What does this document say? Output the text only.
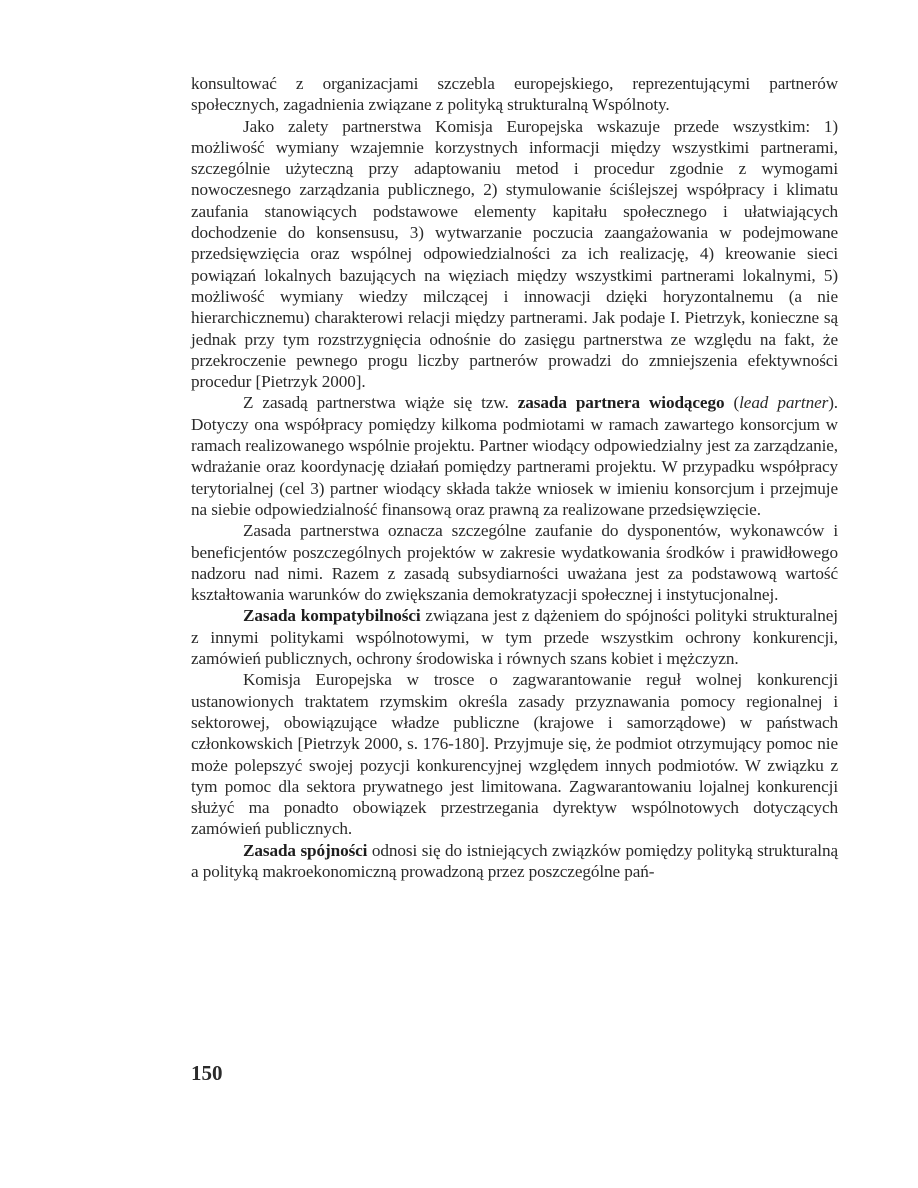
konsultować z organizacjami szczebla europejskiego, reprezentującymi partnerów społecznych, zagadnienia związane z polityką strukturalną Wspólnoty.

Jako zalety partnerstwa Komisja Europejska wskazuje przede wszystkim: 1) możliwość wymiany wzajemnie korzystnych informacji między wszystkimi partnerami, szczególnie użyteczną przy adaptowaniu metod i procedur zgodnie z wymogami nowoczesnego zarządzania publicznego, 2) stymulowanie ściślejszej współpracy i klimatu zaufania stanowiących podstawowe elementy kapitału społecznego i ułatwiających dochodzenie do konsensusu, 3) wytwarzanie poczucia zaangażowania w podejmowane przedsięwzięcia oraz wspólnej odpowiedzialności za ich realizację, 4) kreowanie sieci powiązań lokalnych bazujących na więziach między wszystkimi partnerami lokalnymi, 5) możliwość wymiany wiedzy milczącej i innowacji dzięki horyzontalnemu (a nie hierarchicznemu) charakterowi relacji między partnerami. Jak podaje I. Pietrzyk, konieczne są jednak przy tym rozstrzygnięcia odnośnie do zasięgu partnerstwa ze względu na fakt, że przekroczenie pewnego progu liczby partnerów prowadzi do zmniejszenia efektywności procedur [Pietrzyk 2000].

Z zasadą partnerstwa wiąże się tzw. zasada partnera wiodącego (lead partner). Dotyczy ona współpracy pomiędzy kilkoma podmiotami w ramach zawartego konsorcjum w ramach realizowanego wspólnie projektu. Partner wiodący odpowiedzialny jest za zarządzanie, wdrażanie oraz koordynację działań pomiędzy partnerami projektu. W przypadku współpracy terytorialnej (cel 3) partner wiodący składa także wniosek w imieniu konsorcjum i przejmuje na siebie odpowiedzialność finansową oraz prawną za realizowane przedsięwzięcie.

Zasada partnerstwa oznacza szczególne zaufanie do dysponentów, wykonawców i beneficjentów poszczególnych projektów w zakresie wydatkowania środków i prawidłowego nadzoru nad nimi. Razem z zasadą subsydiarności uważana jest za podstawową wartość kształtowania warunków do zwiększania demokratyzacji społecznej i instytucjonalnej.

Zasada kompatybilności związana jest z dążeniem do spójności polityki strukturalnej z innymi politykami wspólnotowymi, w tym przede wszystkim ochrony konkurencji, zamówień publicznych, ochrony środowiska i równych szans kobiet i mężczyzn.

Komisja Europejska w trosce o zagwarantowanie reguł wolnej konkurencji ustanowionych traktatem rzymskim określa zasady przyznawania pomocy regionalnej i sektorowej, obowiązujące władze publiczne (krajowe i samorządowe) w państwach członkowskich [Pietrzyk 2000, s. 176-180]. Przyjmuje się, że podmiot otrzymujący pomoc nie może polepszyć swojej pozycji konkurencyjnej względem innych podmiotów. W związku z tym pomoc dla sektora prywatnego jest limitowana. Zagwarantowaniu lojalnej konkurencji służyć ma ponadto obowiązek przestrzegania dyrektyw wspólnotowych dotyczących zamówień publicznych.

Zasada spójności odnosi się do istniejących związków pomiędzy polityką strukturalną a polityką makroekonomiczną prowadzoną przez poszczególne pań-

150
